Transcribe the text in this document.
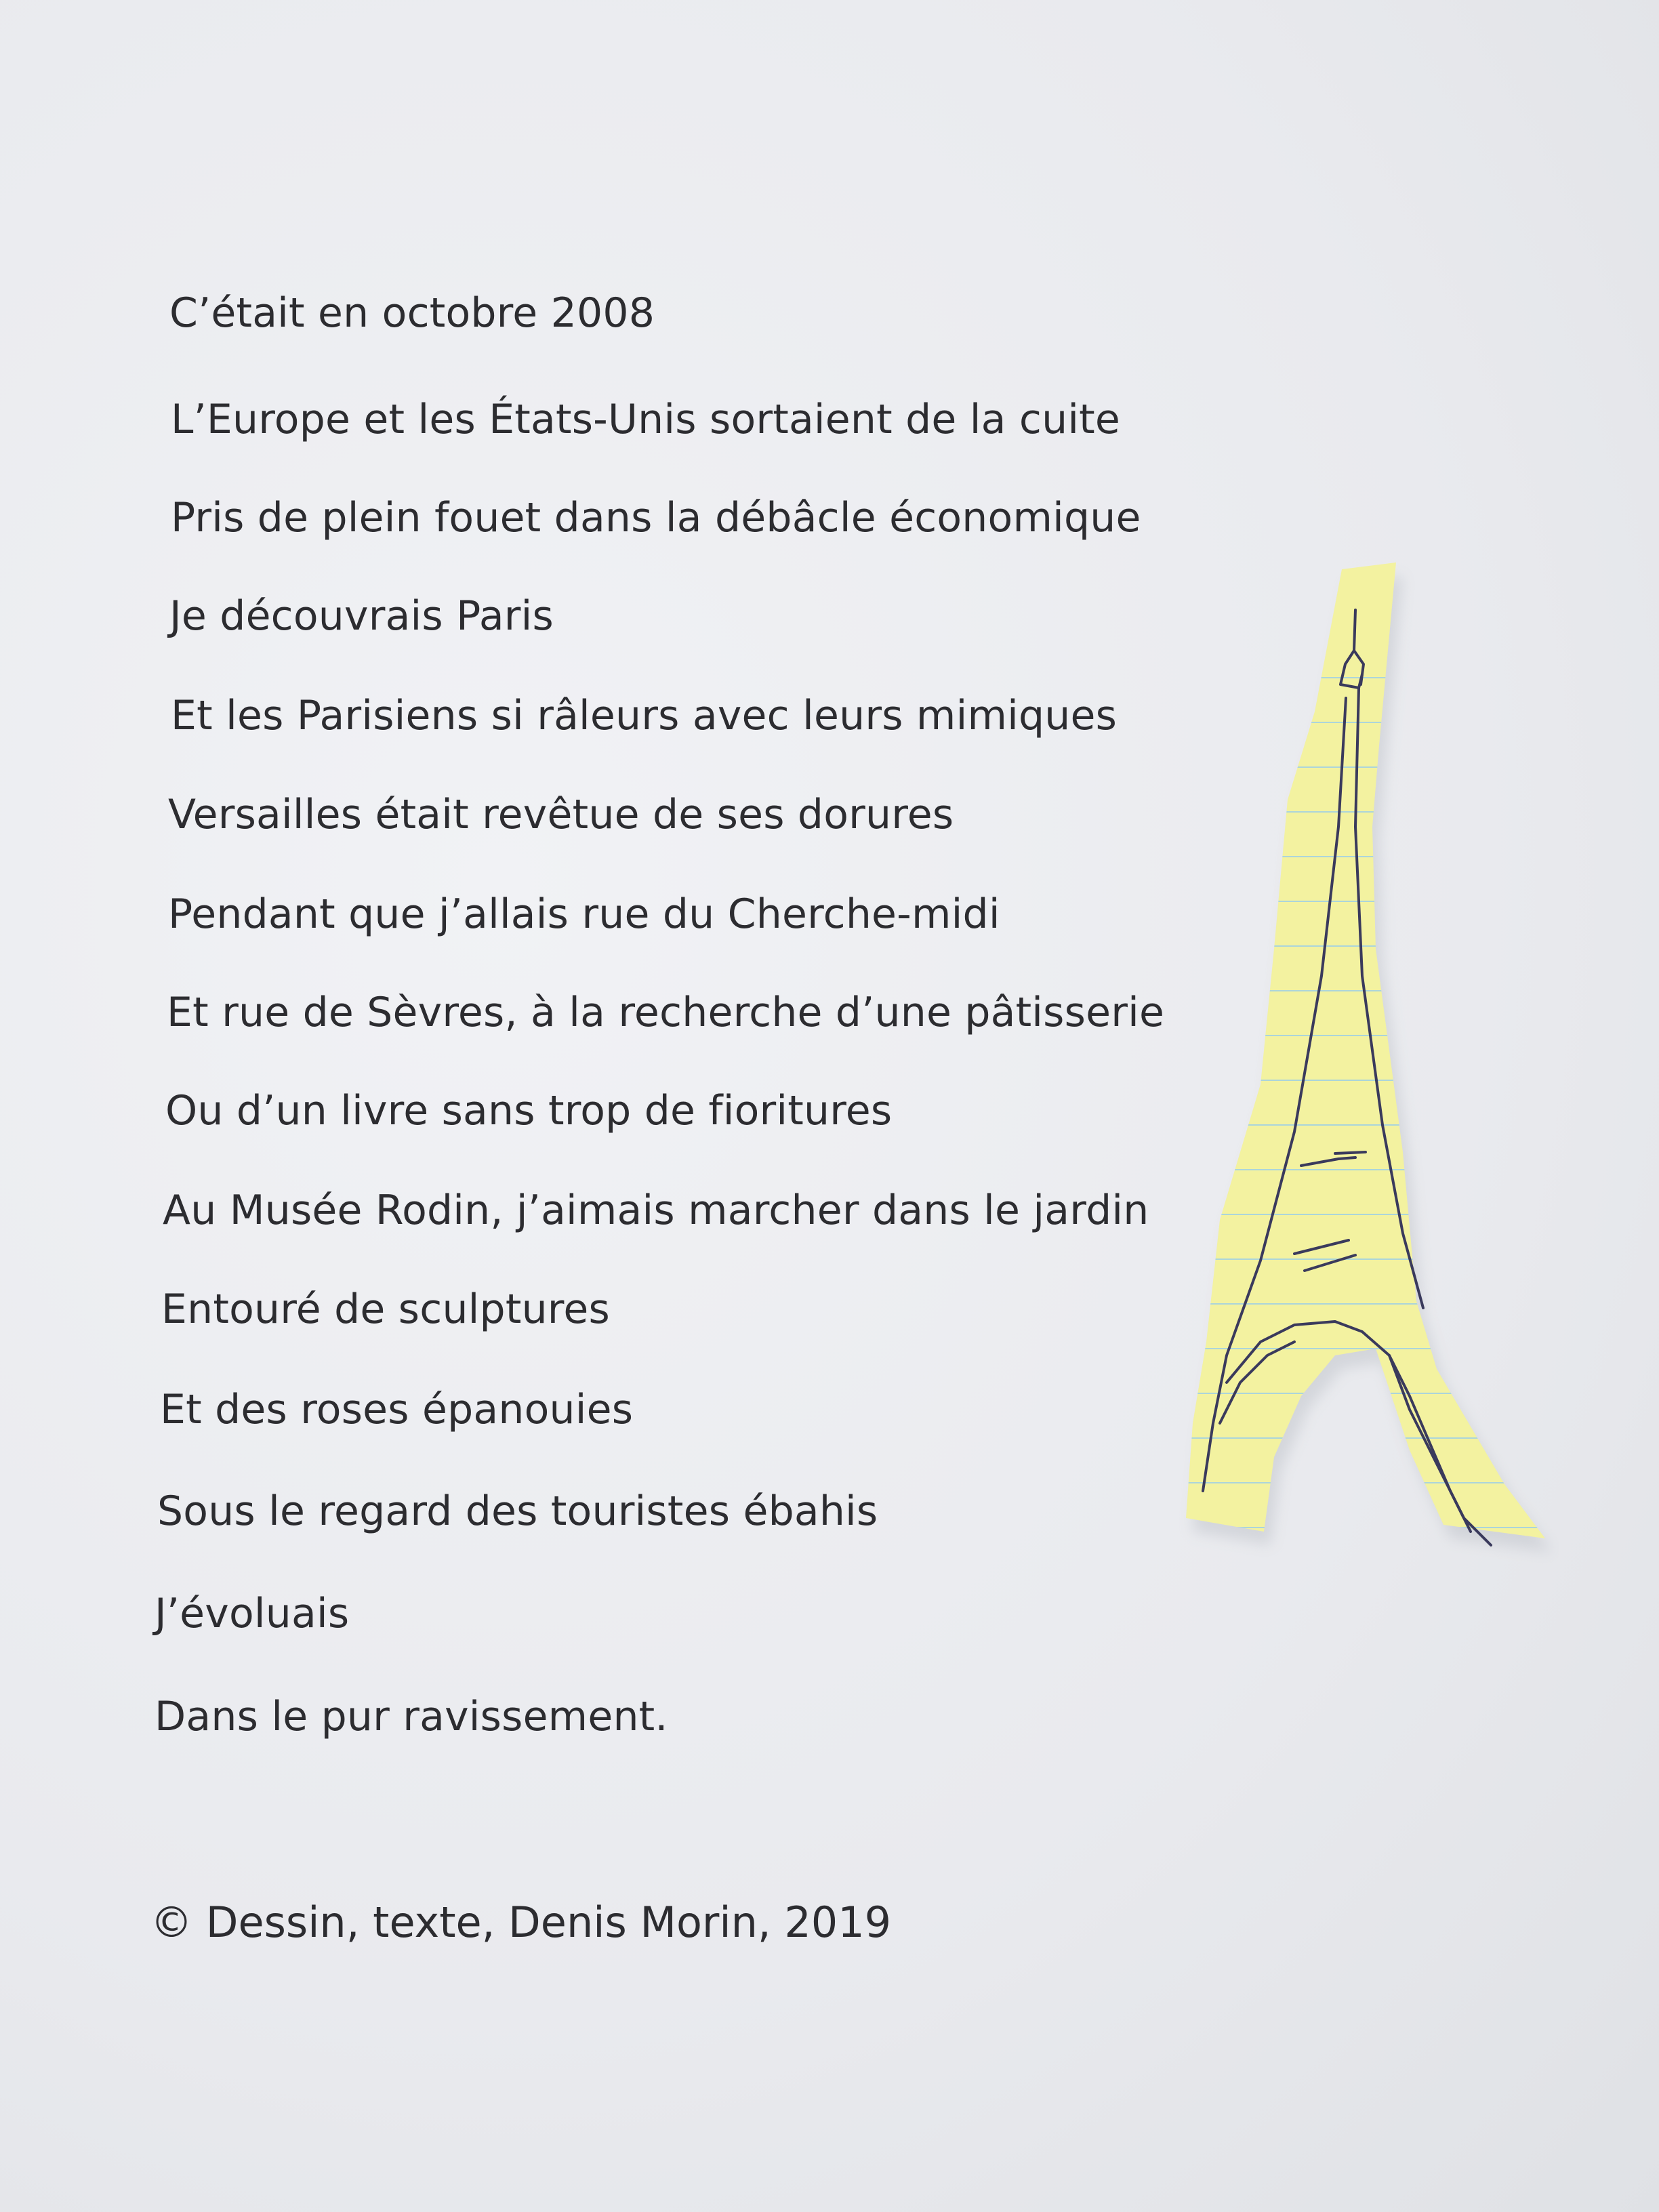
C’était en octobre 2008

L’Europe et les États-Unis sortaient de la cuite

Pris de plein fouet dans la débâcle économique

Je découvrais Paris

Et les Parisiens si râleurs avec leurs mimiques

Versailles était revêtue de ses dorures

Pendant que j’allais rue du Cherche-midi

Et rue de Sèvres, à la recherche d’une pâtisserie

Ou d’un livre sans trop de fioritures

Au Musée Rodin, j’aimais marcher dans le jardin

Entouré de sculptures

Et des roses épanouies

Sous le regard des touristes ébahis

J’évoluais

Dans le pur ravissement.

© Dessin, texte, Denis Morin, 2019
